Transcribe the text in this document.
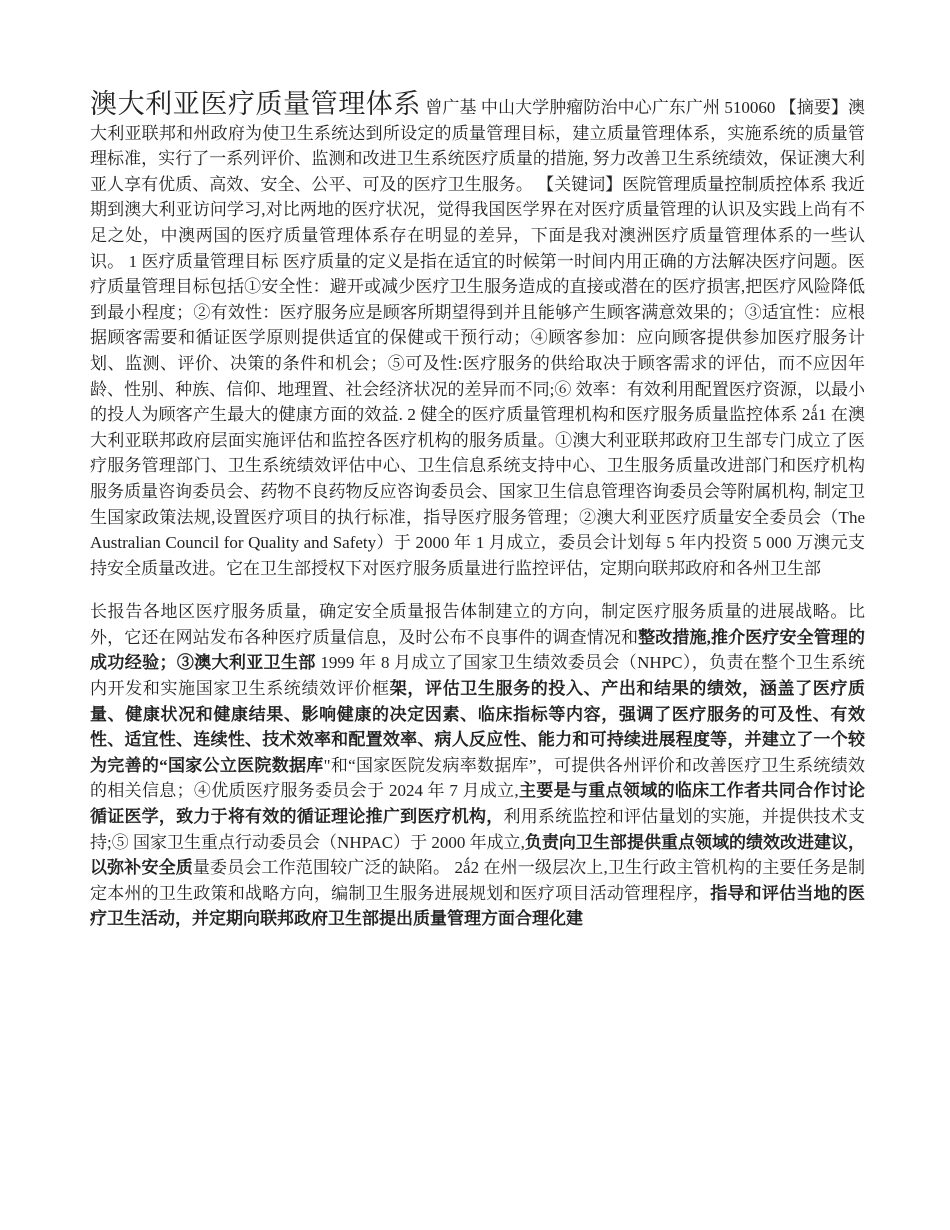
澳大利亚医疗质量管理体系 曾广基 中山大学肿瘤防治中心广东广州 510060 【摘要】澳大利亚联邦和州政府为使卫生系统达到所设定的质量管理目标，建立质量管理体系，实施系统的质量管理标准，实行了一系列评价、监测和改进卫生系统医疗质量的措施, 努力改善卫生系统绩效，保证澳大利亚人享有优质、高效、安全、公平、可及的医疗卫生服务。 【关键词】医院管理质量控制质控体系 我近期到澳大利亚访问学习,对比两地的医疗状况，觉得我国医学界在对医疗质量管理的认识及实践上尚有不足之处，中澳两国的医疗质量管理体系存在明显的差异，下面是我对澳洲医疗质量管理体系的一些认识。 1 医疗质量管理目标 医疗质量的定义是指在适宜的时候第一时间内用正确的方法解决医疗问题。医疗质量管理目标包括①安全性：避开或减少医疗卫生服务造成的直接或潜在的医疗损害,把医疗风险降低到最小程度；②有效性：医疗服务应是顾客所期望得到并且能够产生顾客满意效果的；③适宜性：应根据顾客需要和循证医学原则提供适宜的保健或干预行动；④顾客参加：应向顾客提供参加医疗服务计划、监测、评价、决策的条件和机会；⑤可及性:医疗服务的供给取决于顾客需求的评估，而不应因年龄、性别、种族、信仰、地理置、社会经济状况的差异而不同;⑥ 效率：有效利用配置医疗资源，以最小的投人为顾客产生最大的健康方面的效益. 2 健全的医疗质量管理机构和医疗服务质量监控体系 2ǻ1 在澳大利亚联邦政府层面实施评估和监控各医疗机构的服务质量。①澳大利亚联邦政府卫生部专门成立了医疗服务管理部门、卫生系统绩效评估中心、卫生信息系统支持中心、卫生服务质量改进部门和医疗机构服务质量咨询委员会、药物不良药物反应咨询委员会、国家卫生信息管理咨询委员会等附属机构, 制定卫生国家政策法规,设置医疗项目的执行标准，指导医疗服务管理；②澳大利亚医疗质量安全委员会（The Australian Council for Quality and Safety）于 2000 年 1 月成立，委员会计划每 5 年内投资 5 000 万澳元支持安全质量改进。它在卫生部授权下对医疗服务质量进行监控评估，定期向联邦政府和各州卫生部

长报告各地区医疗服务质量，确定安全质量报告体制建立的方向，制定医疗服务质量的进展战略。比外，它还在网站发布各种医疗质量信息，及时公布不良事件的调查情况和整改措施,推介医疗安全管理的成功经验；③澳大利亚卫生部 1999 年 8 月成立了国家卫生绩效委员会（NHPC），负责在整个卫生系统内开发和实施国家卫生系统绩效评价框架，评估卫生服务的投入、产出和结果的绩效，涵盖了医疗质量、健康状况和健康结果、影响健康的决定因素、临床指标等内容，强调了医疗服务的可及性、有效性、适宜性、连续性、技术效率和配置效率、病人反应性、能力和可持续进展程度等，并建立了一个较为完善的“国家公立医院数据库"和“国家医院发病率数据库”，可提供各州评价和改善医疗卫生系统绩效的相关信息；④优质医疗服务委员会于 2024 年 7 月成立,主要是与重点领域的临床工作者共同合作讨论循证医学，致力于将有效的循证理论推广到医疗机构，利用系统监控和评估量划的实施，并提供技术支持;⑤ 国家卫生重点行动委员会（NHPAC）于 2000 年成立,负责向卫生部提供重点领域的绩效改进建议，以弥补安全质量委员会工作范围较广泛的缺陷。 2ǻ2 在州一级层次上,卫生行政主管机构的主要任务是制定本州的卫生政策和战略方向，编制卫生服务进展规划和医疗项目活动管理程序，指导和评估当地的医疗卫生活动，并定期向联邦政府卫生部提出质量管理方面合理化建
